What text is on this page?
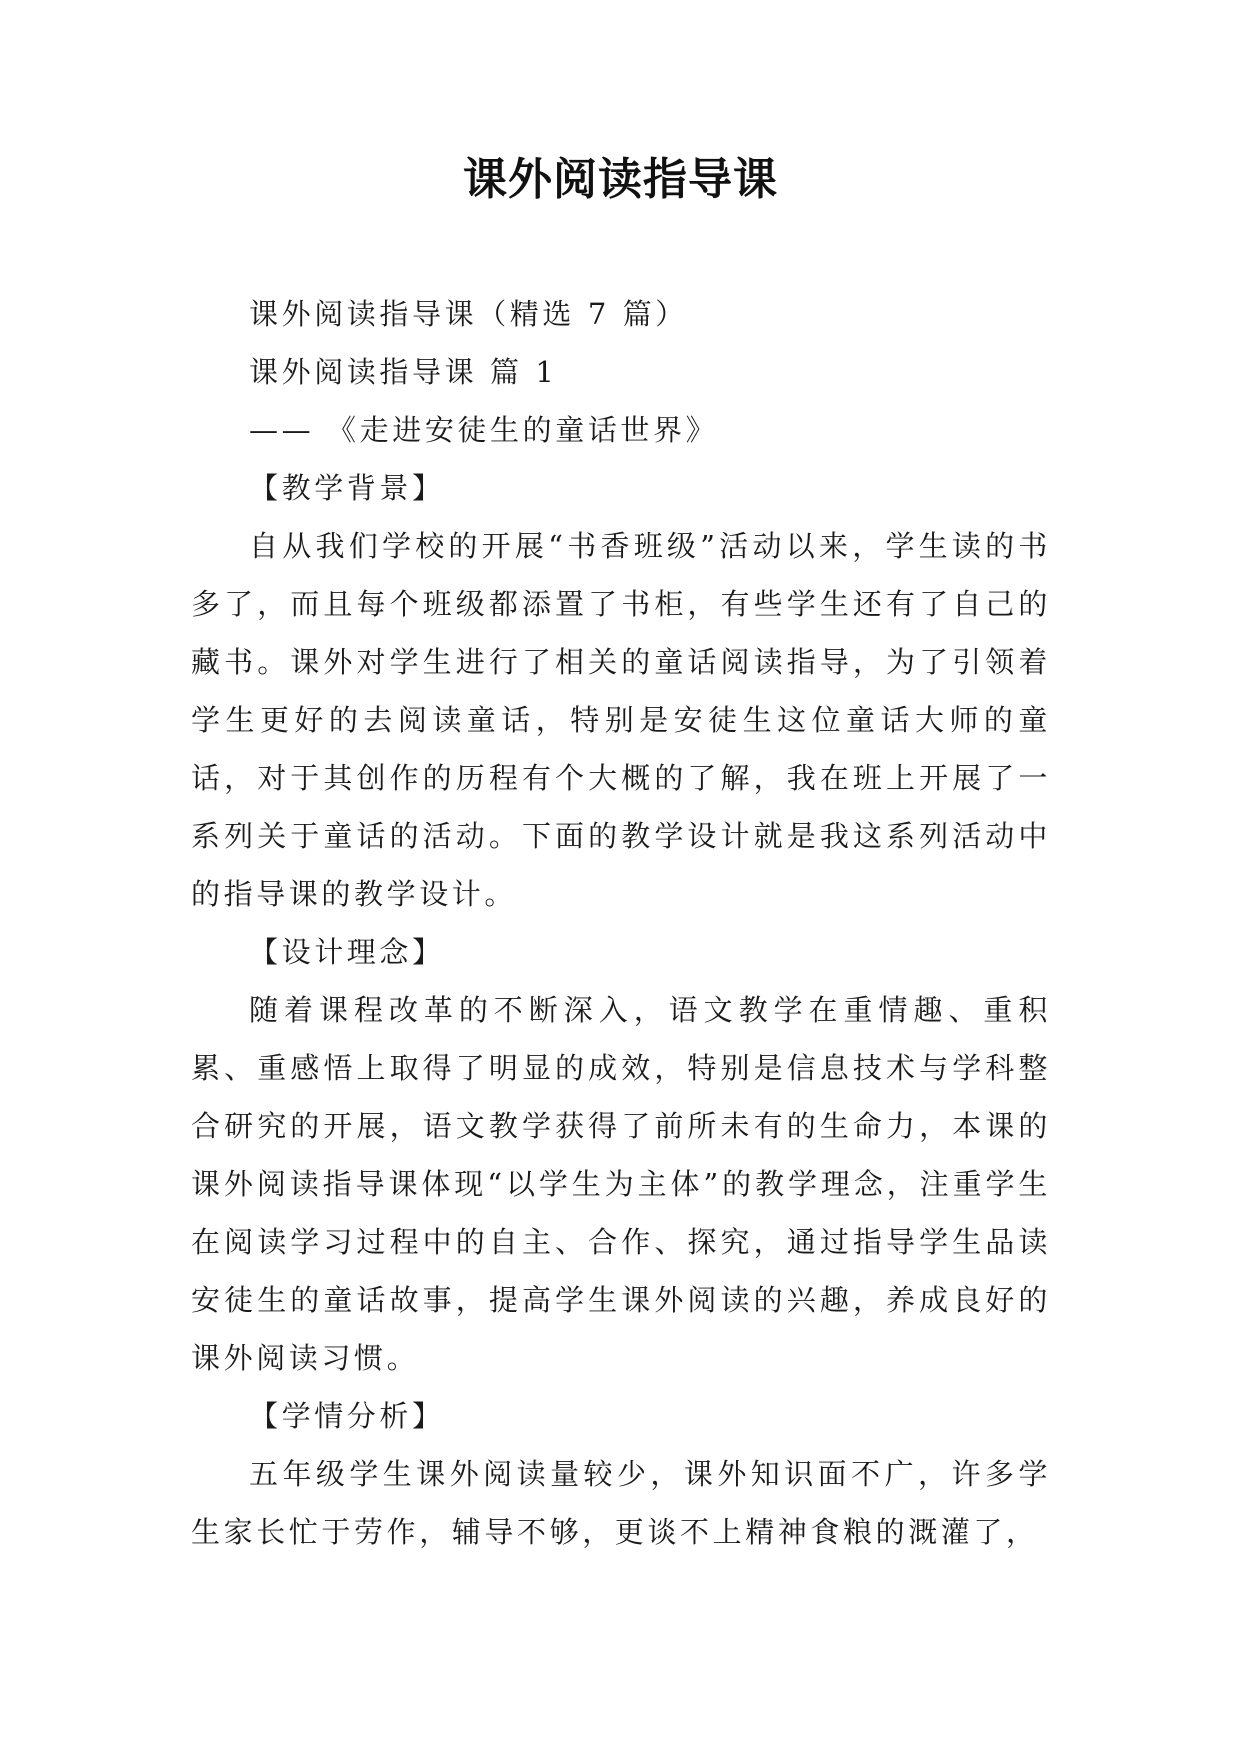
课外阅读指导课

课外阅读指导课（精选 7 篇）

课外阅读指导课 篇 1

—— 《走进安徒生的童话世界》

【教学背景】

自从我们学校的开展“书香班级”活动以来，学生读的书多了，而且每个班级都添置了书柜，有些学生还有了自己的藏书。课外对学生进行了相关的童话阅读指导，为了引领着学生更好的去阅读童话，特别是安徒生这位童话大师的童话，对于其创作的历程有个大概的了解，我在班上开展了一系列关于童话的活动。下面的教学设计就是我这系列活动中的指导课的教学设计。

【设计理念】

随着课程改革的不断深入，语文教学在重情趣、重积累、重感悟上取得了明显的成效，特别是信息技术与学科整合研究的开展，语文教学获得了前所未有的生命力，本课的课外阅读指导课体现“以学生为主体”的教学理念，注重学生在阅读学习过程中的自主、合作、探究，通过指导学生品读安徒生的童话故事，提高学生课外阅读的兴趣，养成良好的课外阅读习惯。

【学情分析】

五年级学生课外阅读量较少，课外知识面不广，许多学生家长忙于劳作，辅导不够，更谈不上精神食粮的溉灌了，
